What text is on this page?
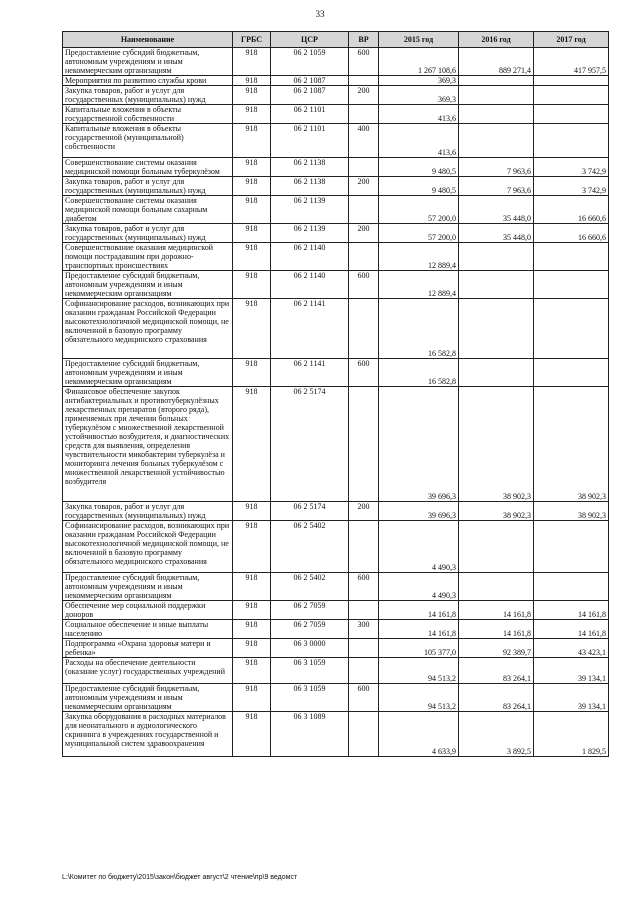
33
Наименование	ГРБС	ЦСР	ВР	2015 год	2016 год	2017 год
Предоставление субсидий бюджетным, автономным учреждениям и иным некоммерческим организациям	918	06 2 1059	600	1 267 108,6	889 271,4	417 957,5
Мероприятия по развитию службы крови	918	06 2 1087		369,3		
Закупка товаров, работ и услуг для государственных (муниципальных) нужд	918	06 2 1087	200	369,3		
Капитальные вложения в объекты государственной собственности	918	06 2 1101		413,6		
Капитальные вложения в объекты государственной (муниципальной) собственности	918	06 2 1101	400	413,6		
Совершенствование системы оказания медицинской помощи больным туберкулёзом	918	06 2 1138		9 480,5	7 963,6	3 742,9
Закупка товаров, работ и услуг для государственных (муниципальных) нужд	918	06 2 1138	200	9 480,5	7 963,6	3 742,9
Совершенствование системы оказания медицинской помощи больным сахарным диабетом	918	06 2 1139		57 200,0	35 448,0	16 660,6
Закупка товаров, работ и услуг для государственных (муниципальных) нужд	918	06 2 1139	200	57 200,0	35 448,0	16 660,6
Совершенствование оказания медицинской помощи пострадавшим при дорожно-транспортных происшествиях	918	06 2 1140		12 889,4		
Предоставление субсидий бюджетным, автономным учреждениям и иным некоммерческим организациям	918	06 2 1140	600	12 889,4		
Софинансирование расходов, возникающих при оказании гражданам Российской Федерации высокотехнологичной медицинской помощи, не включенной в базовую программу обязательного медицинского страхования	918	06 2 1141		16 582,8		
Предоставление субсидий бюджетным, автономным учреждениям и иным некоммерческим организациям	918	06 2 1141	600	16 582,8		
Финансовое обеспечение закупок антибактериальных и противотуберкулёзных лекарственных препаратов (второго ряда), применяемых при лечении больных туберкулёзом с множественной лекарственной устойчивостью возбудителя, и диагностических средств для выявления, определения чувствительности микобактерии туберкулёза и мониторинга лечения больных туберкулёзом с множественной лекарственной устойчивостью возбудителя	918	06 2 5174		39 696,3	38 902,3	38 902,3
Закупка товаров, работ и услуг для государственных (муниципальных) нужд	918	06 2 5174	200	39 696,3	38 902,3	38 902,3
Софинансирование расходов, возникающих при оказании гражданам Российской Федерации высокотехнологичной медицинской помощи, не включенной в базовую программу обязательного медицинского страхования	918	06 2 5402		4 490,3		
Предоставление субсидий бюджетным, автономным учреждениям и иным некоммерческим организациям	918	06 2 5402	600	4 490,3		
Обеспечение мер социальной поддержки доноров	918	06 2 7059		14 161,8	14 161,8	14 161,8
Социальное обеспечение и иные выплаты населению	918	06 2 7059	300	14 161,8	14 161,8	14 161,8
Подпрограмма «Охрана здоровья матери и ребенка»	918	06 3 0000		105 377,0	92 389,7	43 423,1
Расходы на обеспечение деятельности (оказание услуг) государственных учреждений	918	06 3 1059		94 513,2	83 264,1	39 134,1
Предоставление субсидий бюджетным, автономным учреждениям и иным некоммерческим организациям	918	06 3 1059	600	94 513,2	83 264,1	39 134,1
Закупка оборудования в расходных материалов для неонатального и аудиологического скрининга в учреждениях государственной и муниципальной систем здравоохранения	918	06 3 1089		4 633,9	3 892,5	1 829,5
L:\Комитет по бюджету\2015\закон\бюджет август\2 чтение\пр\9 ведомст
